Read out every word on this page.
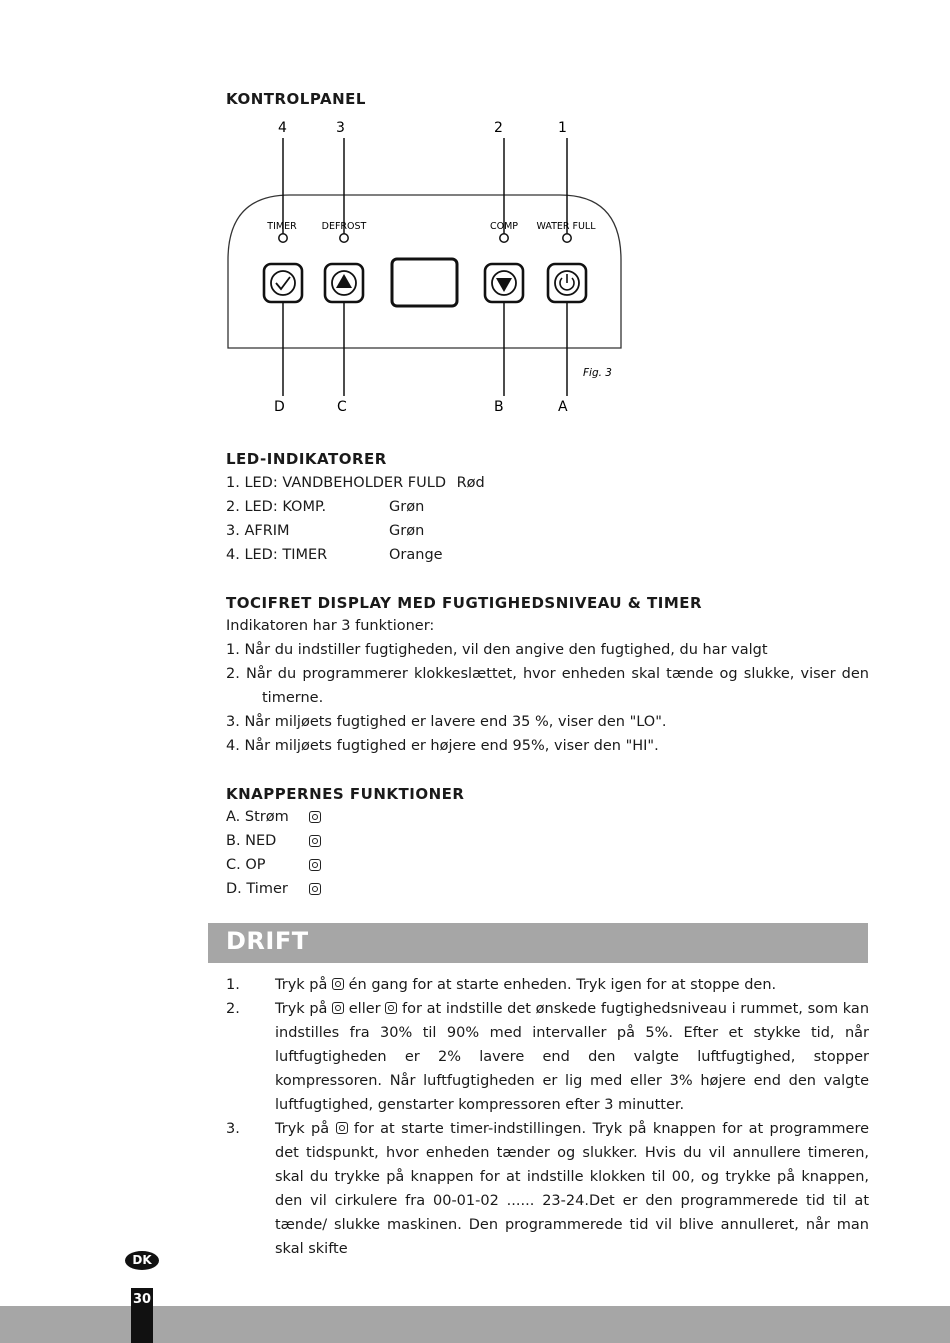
KONTROLPANEL
4	3	2	1
TIMER	DEFROST	COMP WATER FULL
Fig. 3
D	C	B	A
LED-INDIKATORER
1. LED: VANDBEHOLDER FULD Rød
2. LED: KOMP.	Grøn
3. AFRIM	Grøn
4. LED: TIMER	Orange
TOCIFRET DISPLAY MED FUGTIGHEDSNIVEAU & TIMER
Indikatoren har 3 funktioner:
1. Når du indstiller fugtigheden, vil den angive den fugtighed, du har valgt
2. Når du programmerer klokkeslættet, hvor enheden skal tænde og slukke, viser den
timerne.
3. Når miljøets fugtighed er lavere end 35 %, viser den "LO".
4. Når miljøets fugtighed er højere end 95%, viser den "HI".
KNAPPERNES FUNKTIONER
A. Strøm
B. NED
C. OP
D. Timer
DRIFT
1. Tryk på én gang for at starte enheden. Tryk igen for at stoppe den.
2. Tryk på eller for at indstille det ønskede fugtighedsniveau i rummet, som kan indstilles fra 30% til 90% med intervaller på 5%. Efter et stykke tid, når luftfugtigheden er 2% lavere end den valgte luftfugtighed, stopper kompressoren. Når luftfugtigheden er lig med eller 3% højere end den valgte luftfugtighed, genstarter kompressoren efter 3 minutter.
3. Tryk på for at starte timer-indstillingen. Tryk på knappen for at programmere det tidspunkt, hvor enheden tænder og slukker. Hvis du vil annullere timeren, skal du trykke på knappen for at indstille klokken til 00, og trykke på knappen, den vil cirkulere fra 00-01-02 ...... 23-24.Det er den programmerede tid til at tænde/ slukke maskinen. Den programmerede tid vil blive annulleret, når man skal skifte
DK
30
